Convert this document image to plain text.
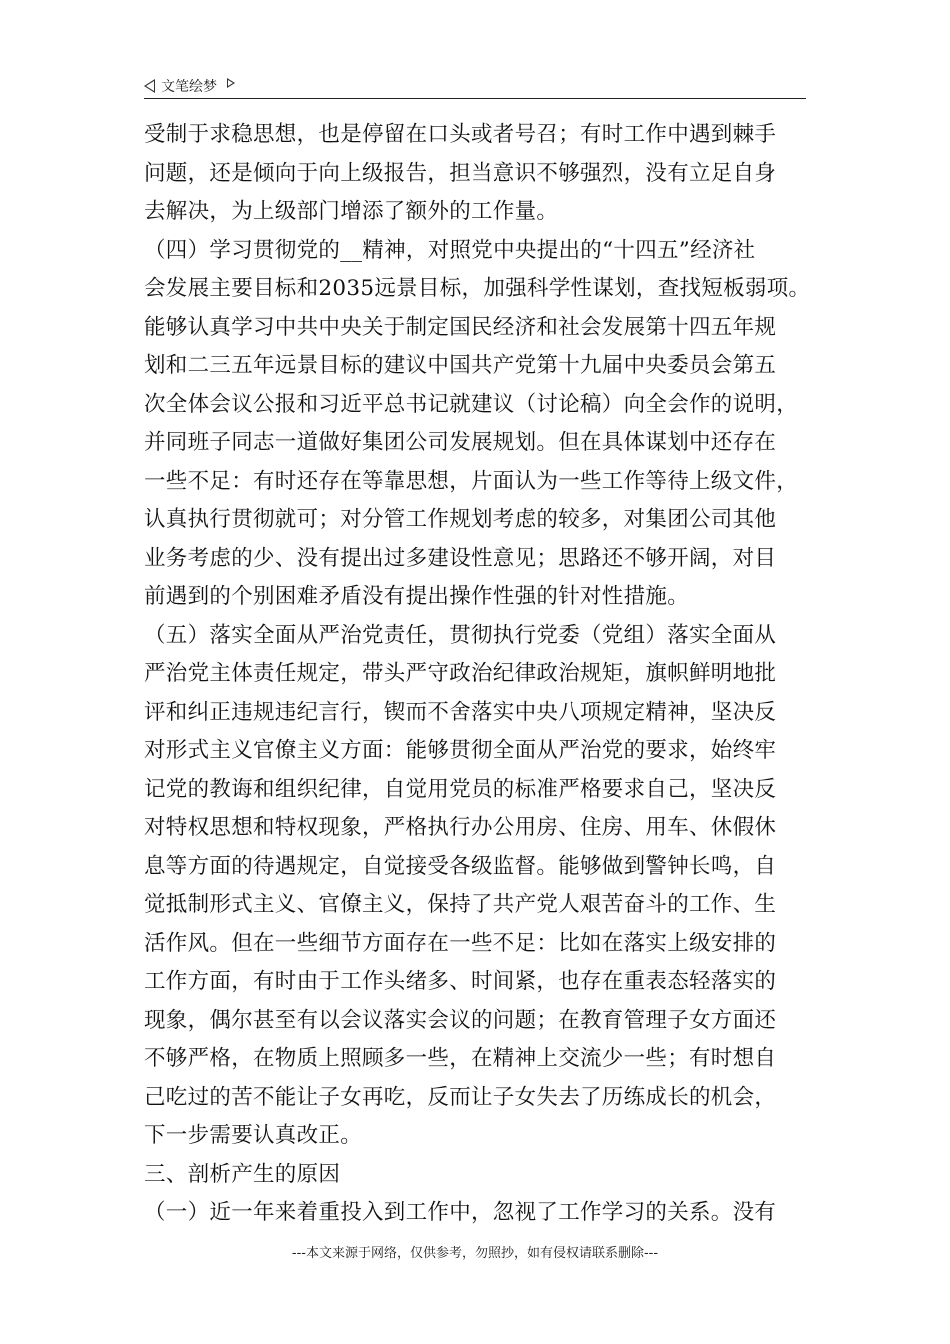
文笔绘梦
受制于求稳思想，也是停留在口头或者号召；有时工作中遇到棘手
问题，还是倾向于向上级报告，担当意识不够强烈，没有立足自身
去解决，为上级部门增添了额外的工作量。
（四）学习贯彻党的__精神，对照党中央提出的“十四五”经济社
会发展主要目标和2035远景目标，加强科学性谋划，查找短板弱项。
能够认真学习中共中央关于制定国民经济和社会发展第十四五年规
划和二三五年远景目标的建议中国共产党第十九届中央委员会第五
次全体会议公报和习近平总书记就建议（讨论稿）向全会作的说明，
并同班子同志一道做好集团公司发展规划。但在具体谋划中还存在
一些不足：有时还存在等靠思想，片面认为一些工作等待上级文件，
认真执行贯彻就可；对分管工作规划考虑的较多，对集团公司其他
业务考虑的少、没有提出过多建设性意见；思路还不够开阔，对目
前遇到的个别困难矛盾没有提出操作性强的针对性措施。
（五）落实全面从严治党责任，贯彻执行党委（党组）落实全面从
严治党主体责任规定，带头严守政治纪律政治规矩，旗帜鲜明地批
评和纠正违规违纪言行，锲而不舍落实中央八项规定精神，坚决反
对形式主义官僚主义方面：能够贯彻全面从严治党的要求，始终牢
记党的教诲和组织纪律，自觉用党员的标准严格要求自己，坚决反
对特权思想和特权现象，严格执行办公用房、住房、用车、休假休
息等方面的待遇规定，自觉接受各级监督。能够做到警钟长鸣，自
觉抵制形式主义、官僚主义，保持了共产党人艰苦奋斗的工作、生
活作风。但在一些细节方面存在一些不足：比如在落实上级安排的
工作方面，有时由于工作头绪多、时间紧，也存在重表态轻落实的
现象，偶尔甚至有以会议落实会议的问题；在教育管理子女方面还
不够严格，在物质上照顾多一些，在精神上交流少一些；有时想自
己吃过的苦不能让子女再吃，反而让子女失去了历练成长的机会，
下一步需要认真改正。
三、剖析产生的原因
（一）近一年来着重投入到工作中，忽视了工作学习的关系。没有
---本文来源于网络，仅供参考，勿照抄，如有侵权请联系删除---
